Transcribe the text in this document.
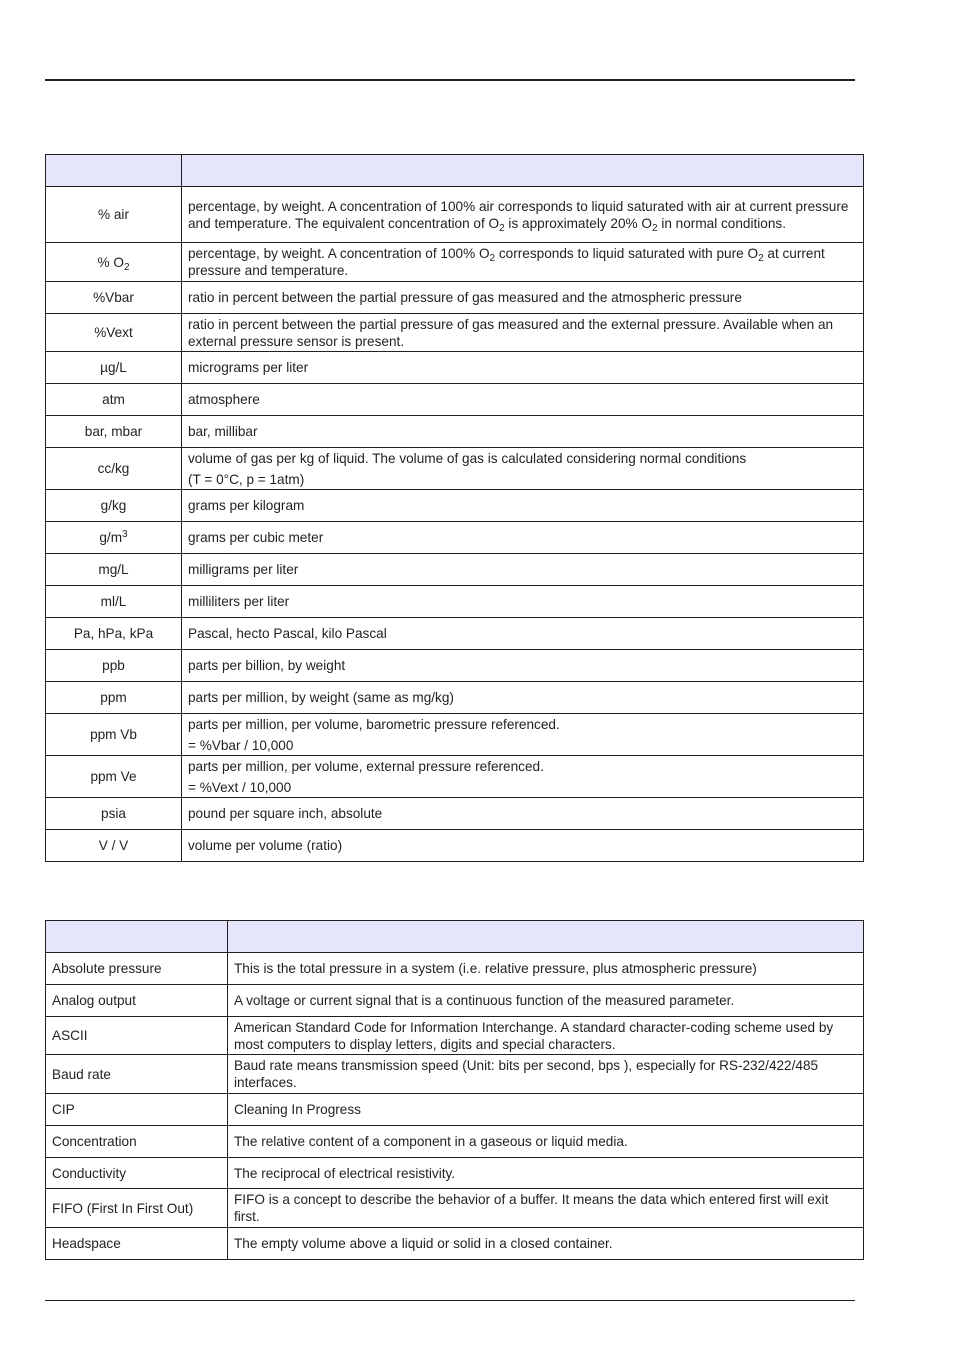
% air	percentage, by weight. A concentration of 100% air corresponds to liquid saturated with air at current pressure and temperature. The equivalent concentration of $O_2$ is approximately 20% $O_2$ in normal conditions.
% $O_2$	percentage, by weight. A concentration of 100% $O_2$ corresponds to liquid saturated with pure $O_2$ at current pressure and temperature.
%Vbar	ratio in percent between the partial pressure of gas measured and the atmospheric pressure
%Vext	ratio in percent between the partial pressure of gas measured and the external pressure. Available when an external pressure sensor is present.
µg/L	micrograms per liter
atm	atmosphere
bar, mbar	bar, millibar
cc/kg	volume of gas per kg of liquid. The volume of gas is calculated considering normal conditions
(T = 0°C, p = 1atm)

g/kg	grams per kilogram
$g/m^3$	grams per cubic meter
mg/L	milligrams per liter
ml/L	milliliters per liter
Pa, hPa, kPa	Pascal, hecto Pascal, kilo Pascal
ppb	parts per billion, by weight
ppm	parts per million, by weight (same as mg/kg)
ppm Vb	parts per million, per volume, barometric pressure referenced.
= %Vbar / 10,000

ppm Ve	parts per million, per volume, external pressure referenced.
= %Vext / 10,000

psia	pound per square inch, absolute
V / V	volume per volume (ratio)

Absolute pressure	This is the total pressure in a system (i.e. relative pressure, plus atmospheric pressure)
Analog output	A voltage or current signal that is a continuous function of the measured parameter.
ASCII	American Standard Code for Information Interchange. A standard character-coding scheme used by most computers to display letters, digits and special characters.
Baud rate	Baud rate means transmission speed (Unit: bits per second, bps ), especially for RS-232/422/485 interfaces.
CIP	Cleaning In Progress
Concentration	The relative content of a component in a gaseous or liquid media.
Conductivity	The reciprocal of electrical resistivity.
FIFO (First In First Out)	FIFO is a concept to describe the behavior of a buffer. It means the data which entered first will exit first.
Headspace	The empty volume above a liquid or solid in a closed container.
